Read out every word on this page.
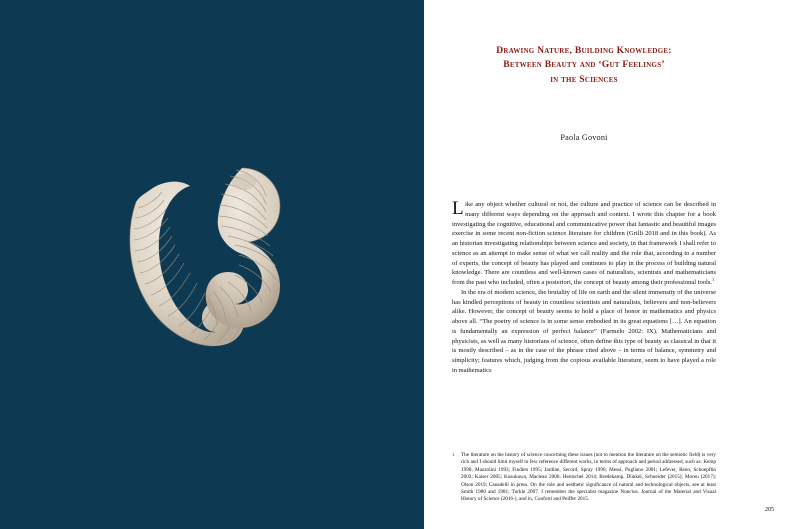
Drawing Nature, Building Knowledge:
Between Beauty and ‘Gut Feelings’
in the Sciences
Paola Govoni

Like any object whether cultural or not, the culture and practice of science can be described in many different ways depending on the approach and context. I wrote this chapter for a book investigating the cognitive, educational and communicative power that fantastic and beautiful images exercise in some recent non-fiction science literature for children (Grilli 2018 and in this book). As an historian investigating relationships between science and society, in that framework I shall refer to science as an attempt to make sense of what we call reality and the role that, according to a number of experts, the concept of beauty has played and continues to play in the process of building natural knowledge. There are countless and well-known cases of naturalists, scientists and mathematicians from the past who included, often a posteriori, the concept of beauty among their professional tools.$^1$

In the era of modern science, the brutality of life on earth and the silent immensity of the universe has kindled perceptions of beauty in countless scientists and naturalists, believers and non-believers alike. However, the concept of beauty seems to hold a place of honor in mathematics and physics above all. “The poetry of science is in some sense embodied in its great equations […]. An equation is fundamentally an expression of perfect balance” (Farmelo 2002: IX). Mathematicians and physicists, as well as many historians of science, often define this type of beauty as classical in that it is mostly described – as in the case of the phrase cited above – in terms of balance, symmetry and simplicity; features which, judging from the copious available literature, seem to have played a role in mathematics

1	The literature on the history of science concerning these issues (not to mention the literature on the semiotic field) is very rich and I should limit myself to few reference different works, in terms of approach and period addressed, such as: Kemp 1990; Mazzolini 1993; Findlen 1995; Jardine, Secord, Spray 1996; Messi, Pugliano 2001; Lefever, Renn, Schoepflin 2003; Kaiser 2005; Kusukawa, Maclean 2006; Hentschel 2014; Bredekamp, Dünkel, Schneider (2015); Moreu (2017); Olson 2019; Canadelli in press. On the role and aesthetic significance of natural and technological objects, see at least Smith 1980 and 1981; Turkle 2007. I remember the specialist magazine Nuncius. Journal of the Material and Visual History of Science (2016-), and in, Conforti and Peiffer 2015.
205
